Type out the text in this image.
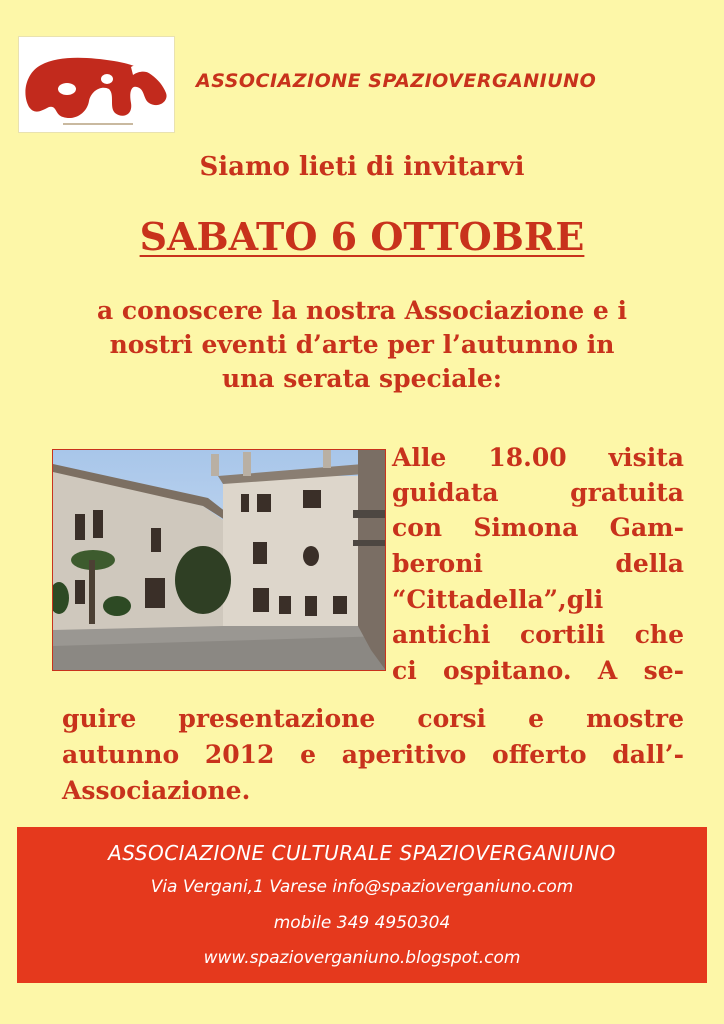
ASSOCIAZIONE SPAZIOVERGANIUNO
Siamo lieti di invitarvi
SABATO 6 OTTOBRE
a conoscere la nostra Associazione e i
nostri eventi d’arte per l’autunno in
una serata speciale:
Alle 18.00 visita
guidata gratuita
con Simona Gam-
beroni della
“Cittadella”,gli
antichi cortili che
ci ospitano. A se-
guire presentazione corsi e mostre
autunno 2012 e aperitivo offerto dall’-
Associazione.
ASSOCIAZIONE CULTURALE SPAZIOVERGANIUNO
Via Vergani,1 Varese info@spazioverganiuno.com
mobile 349 4950304
www.spazioverganiuno.blogspot.com
